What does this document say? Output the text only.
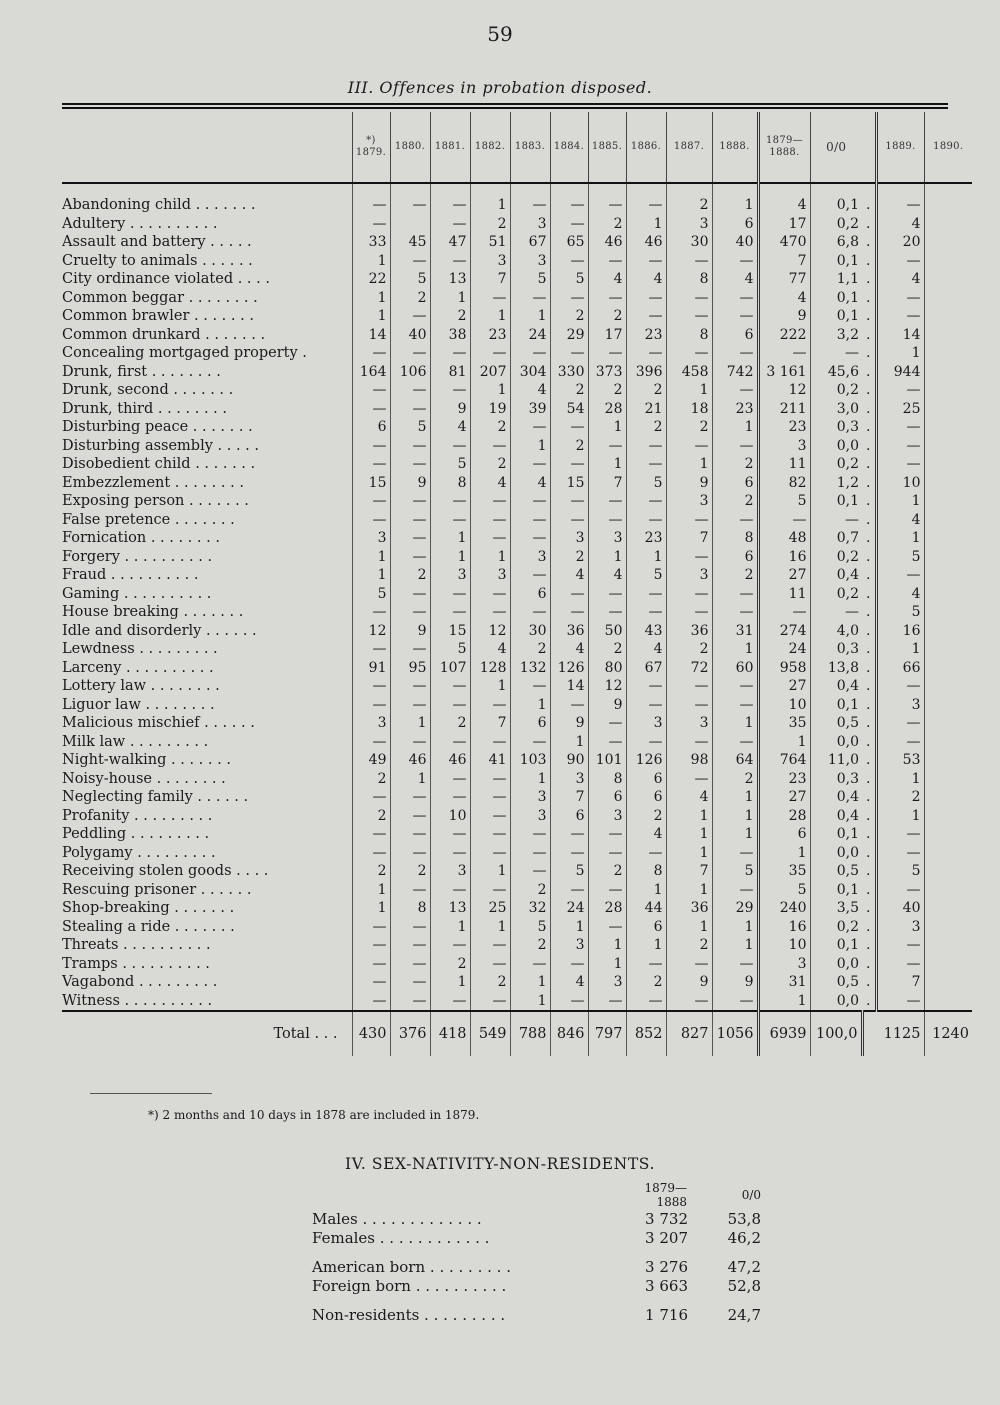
59
III. Offences in probation disposed.
	*) 1879.	1880.	1881.	1882.	1883.	1884.	1885.	1886.	1887.	1888.	1879— 1888.	0/0		1889.	1890.

Abandoning child . . . . . . .	—	—	—	1	—	—	—	—	2	1	4	0,1	.	—	
Adultery . . . . . . . . . .	—		—	2	3	—	2	1	3	6	17	0,2	.	4	
Assault and battery . . . . .	33	45	47	51	67	65	46	46	30	40	470	6,8	.	20	
Cruelty to animals . . . . . .	1	—	—	3	3	—	—	—	—	—	7	0,1	.	—	
City ordinance violated . . . .	22	5	13	7	5	5	4	4	8	4	77	1,1	.	4	
Common beggar . . . . . . . .	1	2	1	—	—	—	—	—	—	—	4	0,1	.	—	
Common brawler . . . . . . .	1	—	2	1	1	2	2	—	—	—	9	0,1	.	—	
Common drunkard . . . . . . .	14	40	38	23	24	29	17	23	8	6	222	3,2	.	14	
Concealing mortgaged property .	—	—	—	—	—	—	—	—	—	—	—	—	.	1	
Drunk, first . . . . . . . .	164	106	81	207	304	330	373	396	458	742	3 161	45,6	.	944	
Drunk, second . . . . . . .	—	—	—	1	4	2	2	2	1	—	12	0,2	.	—	
Drunk, third . . . . . . . .	—	—	9	19	39	54	28	21	18	23	211	3,0	.	25	
Disturbing peace . . . . . . .	6	5	4	2	—	—	1	2	2	1	23	0,3	.	—	
Disturbing assembly . . . . .	—	—	—	—	1	2	—	—	—	—	3	0,0	.	—	
Disobedient child . . . . . . .	—	—	5	2	—	—	1	—	1	2	11	0,2	.	—	
Embezzlement . . . . . . . .	15	9	8	4	4	15	7	5	9	6	82	1,2	.	10	
Exposing person . . . . . . .	—	—	—	—	—	—	—	—	3	2	5	0,1	.	1	
False pretence . . . . . . .	—	—	—	—	—	—	—	—	—	—	—	—	.	4	
Fornication . . . . . . . .	3	—	1	—	—	3	3	23	7	8	48	0,7	.	1	
Forgery . . . . . . . . . .	1	—	1	1	3	2	1	1	—	6	16	0,2	.	5	
Fraud . . . . . . . . . .	1	2	3	3	—	4	4	5	3	2	27	0,4	.	—	
Gaming . . . . . . . . . .	5	—	—	—	6	—	—	—	—	—	11	0,2	.	4	
House breaking . . . . . . .	—	—	—	—	—	—	—	—	—	—	—	—	.	5	
Idle and disorderly . . . . . .	12	9	15	12	30	36	50	43	36	31	274	4,0	.	16	
Lewdness . . . . . . . . .	—	—	5	4	2	4	2	4	2	1	24	0,3	.	1	
Larceny . . . . . . . . . .	91	95	107	128	132	126	80	67	72	60	958	13,8	.	66	
Lottery law . . . . . . . .	—	—	—	1	—	14	12	—	—	—	27	0,4	.	—	
Liguor law . . . . . . . .	—	—	—	—	1	—	9	—	—	—	10	0,1	.	3	
Malicious mischief . . . . . .	3	1	2	7	6	9	—	3	3	1	35	0,5	.	—	
Milk law . . . . . . . . .	—	—	—	—	—	1	—	—	—	—	1	0,0	.	—	
Night-walking . . . . . . .	49	46	46	41	103	90	101	126	98	64	764	11,0	.	53	
Noisy-house . . . . . . . .	2	1	—	—	1	3	8	6	—	2	23	0,3	.	1	
Neglecting family . . . . . .	—	—	—	—	3	7	6	6	4	1	27	0,4	.	2	
Profanity . . . . . . . . .	2	—	10	—	3	6	3	2	1	1	28	0,4	.	1	
Peddling . . . . . . . . .	—	—	—	—	—	—	—	4	1	1	6	0,1	.	—	
Polygamy . . . . . . . . .	—	—	—	—	—	—	—	—	1	—	1	0,0	.	—	
Receiving stolen goods . . . .	2	2	3	1	—	5	2	8	7	5	35	0,5	.	5	
Rescuing prisoner . . . . . .	1	—	—	—	2	—	—	1	1	—	5	0,1	.	—	
Shop-breaking . . . . . . .	1	8	13	25	32	24	28	44	36	29	240	3,5	.	40	
Stealing a ride . . . . . . .	—	—	1	1	5	1	—	6	1	1	16	0,2	.	3	
Threats . . . . . . . . . .	—	—	—	—	2	3	1	1	2	1	10	0,1	.	—	
Tramps . . . . . . . . . .	—	—	2	—	—	—	1	—	—	—	3	0,0	.	—	
Vagabond . . . . . . . . .	—	—	1	2	1	4	3	2	9	9	31	0,5	.	7	
Witness . . . . . . . . . .	—	—	—	—	1	—	—	—	—	—	1	0,0	.	—	
Total . . .	430	376	418	549	788	846	797	852	827	1056	6939	100,0	1125		1240
*) 2 months and 10 days in 1878 are included in 1879.
IV. SEX-NATIVITY-NON-RESIDENTS.
	1879—1888	0/0
Males . . . . . . . . . . . . .	3 732	53,8
Females . . . . . . . . . . . .	3 207	46,2

American born . . . . . . . . .	3 276	47,2
Foreign born . . . . . . . . . .	3 663	52,8

Non-residents . . . . . . . . .	1 716	24,7
